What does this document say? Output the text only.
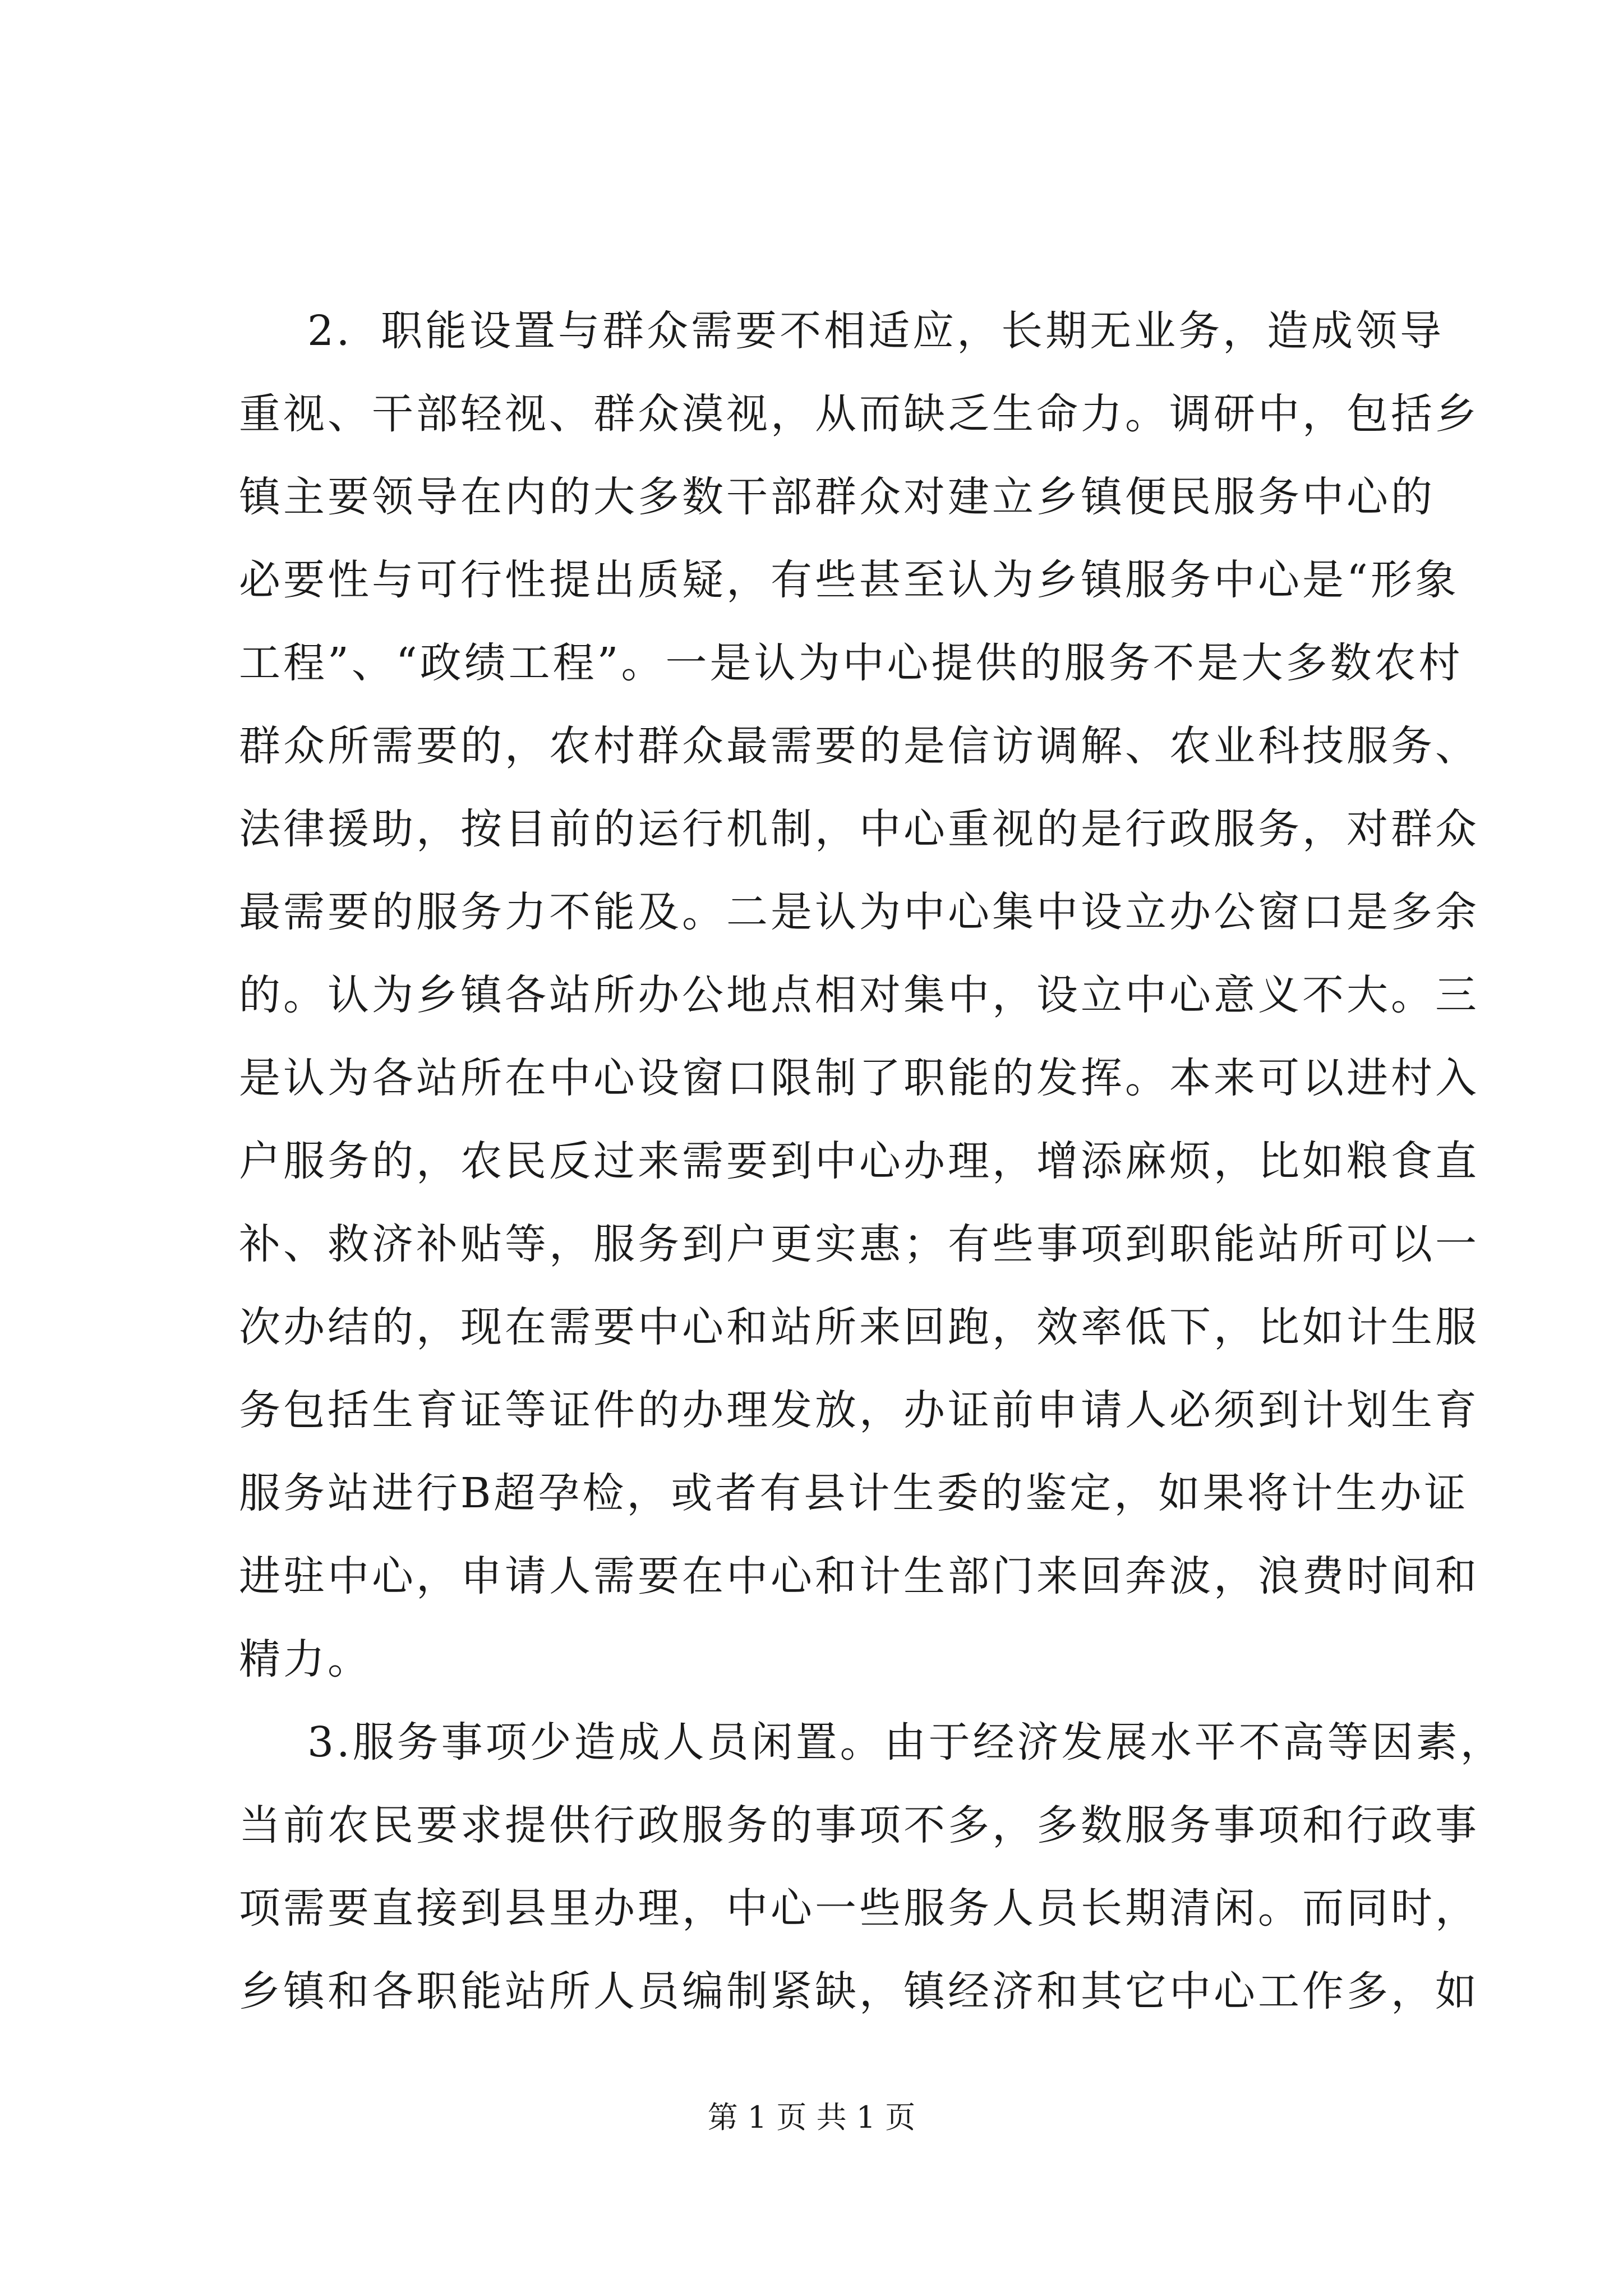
2．职能设置与群众需要不相适应，长期无业务，造成领导
重视、干部轻视、群众漠视，从而缺乏生命力。调研中，包括乡
镇主要领导在内的大多数干部群众对建立乡镇便民服务中心的
必要性与可行性提出质疑，有些甚至认为乡镇服务中心是“形象
工程”、“政绩工程”。一是认为中心提供的服务不是大多数农村
群众所需要的，农村群众最需要的是信访调解、农业科技服务、
法律援助，按目前的运行机制，中心重视的是行政服务，对群众
最需要的服务力不能及。二是认为中心集中设立办公窗口是多余
的。认为乡镇各站所办公地点相对集中，设立中心意义不大。三
是认为各站所在中心设窗口限制了职能的发挥。本来可以进村入
户服务的，农民反过来需要到中心办理，增添麻烦，比如粮食直
补、救济补贴等，服务到户更实惠；有些事项到职能站所可以一
次办结的，现在需要中心和站所来回跑，效率低下，比如计生服
务包括生育证等证件的办理发放，办证前申请人必须到计划生育
服务站进行B超孕检，或者有县计生委的鉴定，如果将计生办证
进驻中心，申请人需要在中心和计生部门来回奔波，浪费时间和
精力。
3.服务事项少造成人员闲置。由于经济发展水平不高等因素，
当前农民要求提供行政服务的事项不多，多数服务事项和行政事
项需要直接到县里办理，中心一些服务人员长期清闲。而同时，
乡镇和各职能站所人员编制紧缺，镇经济和其它中心工作多，如
第 1 页 共 1 页
